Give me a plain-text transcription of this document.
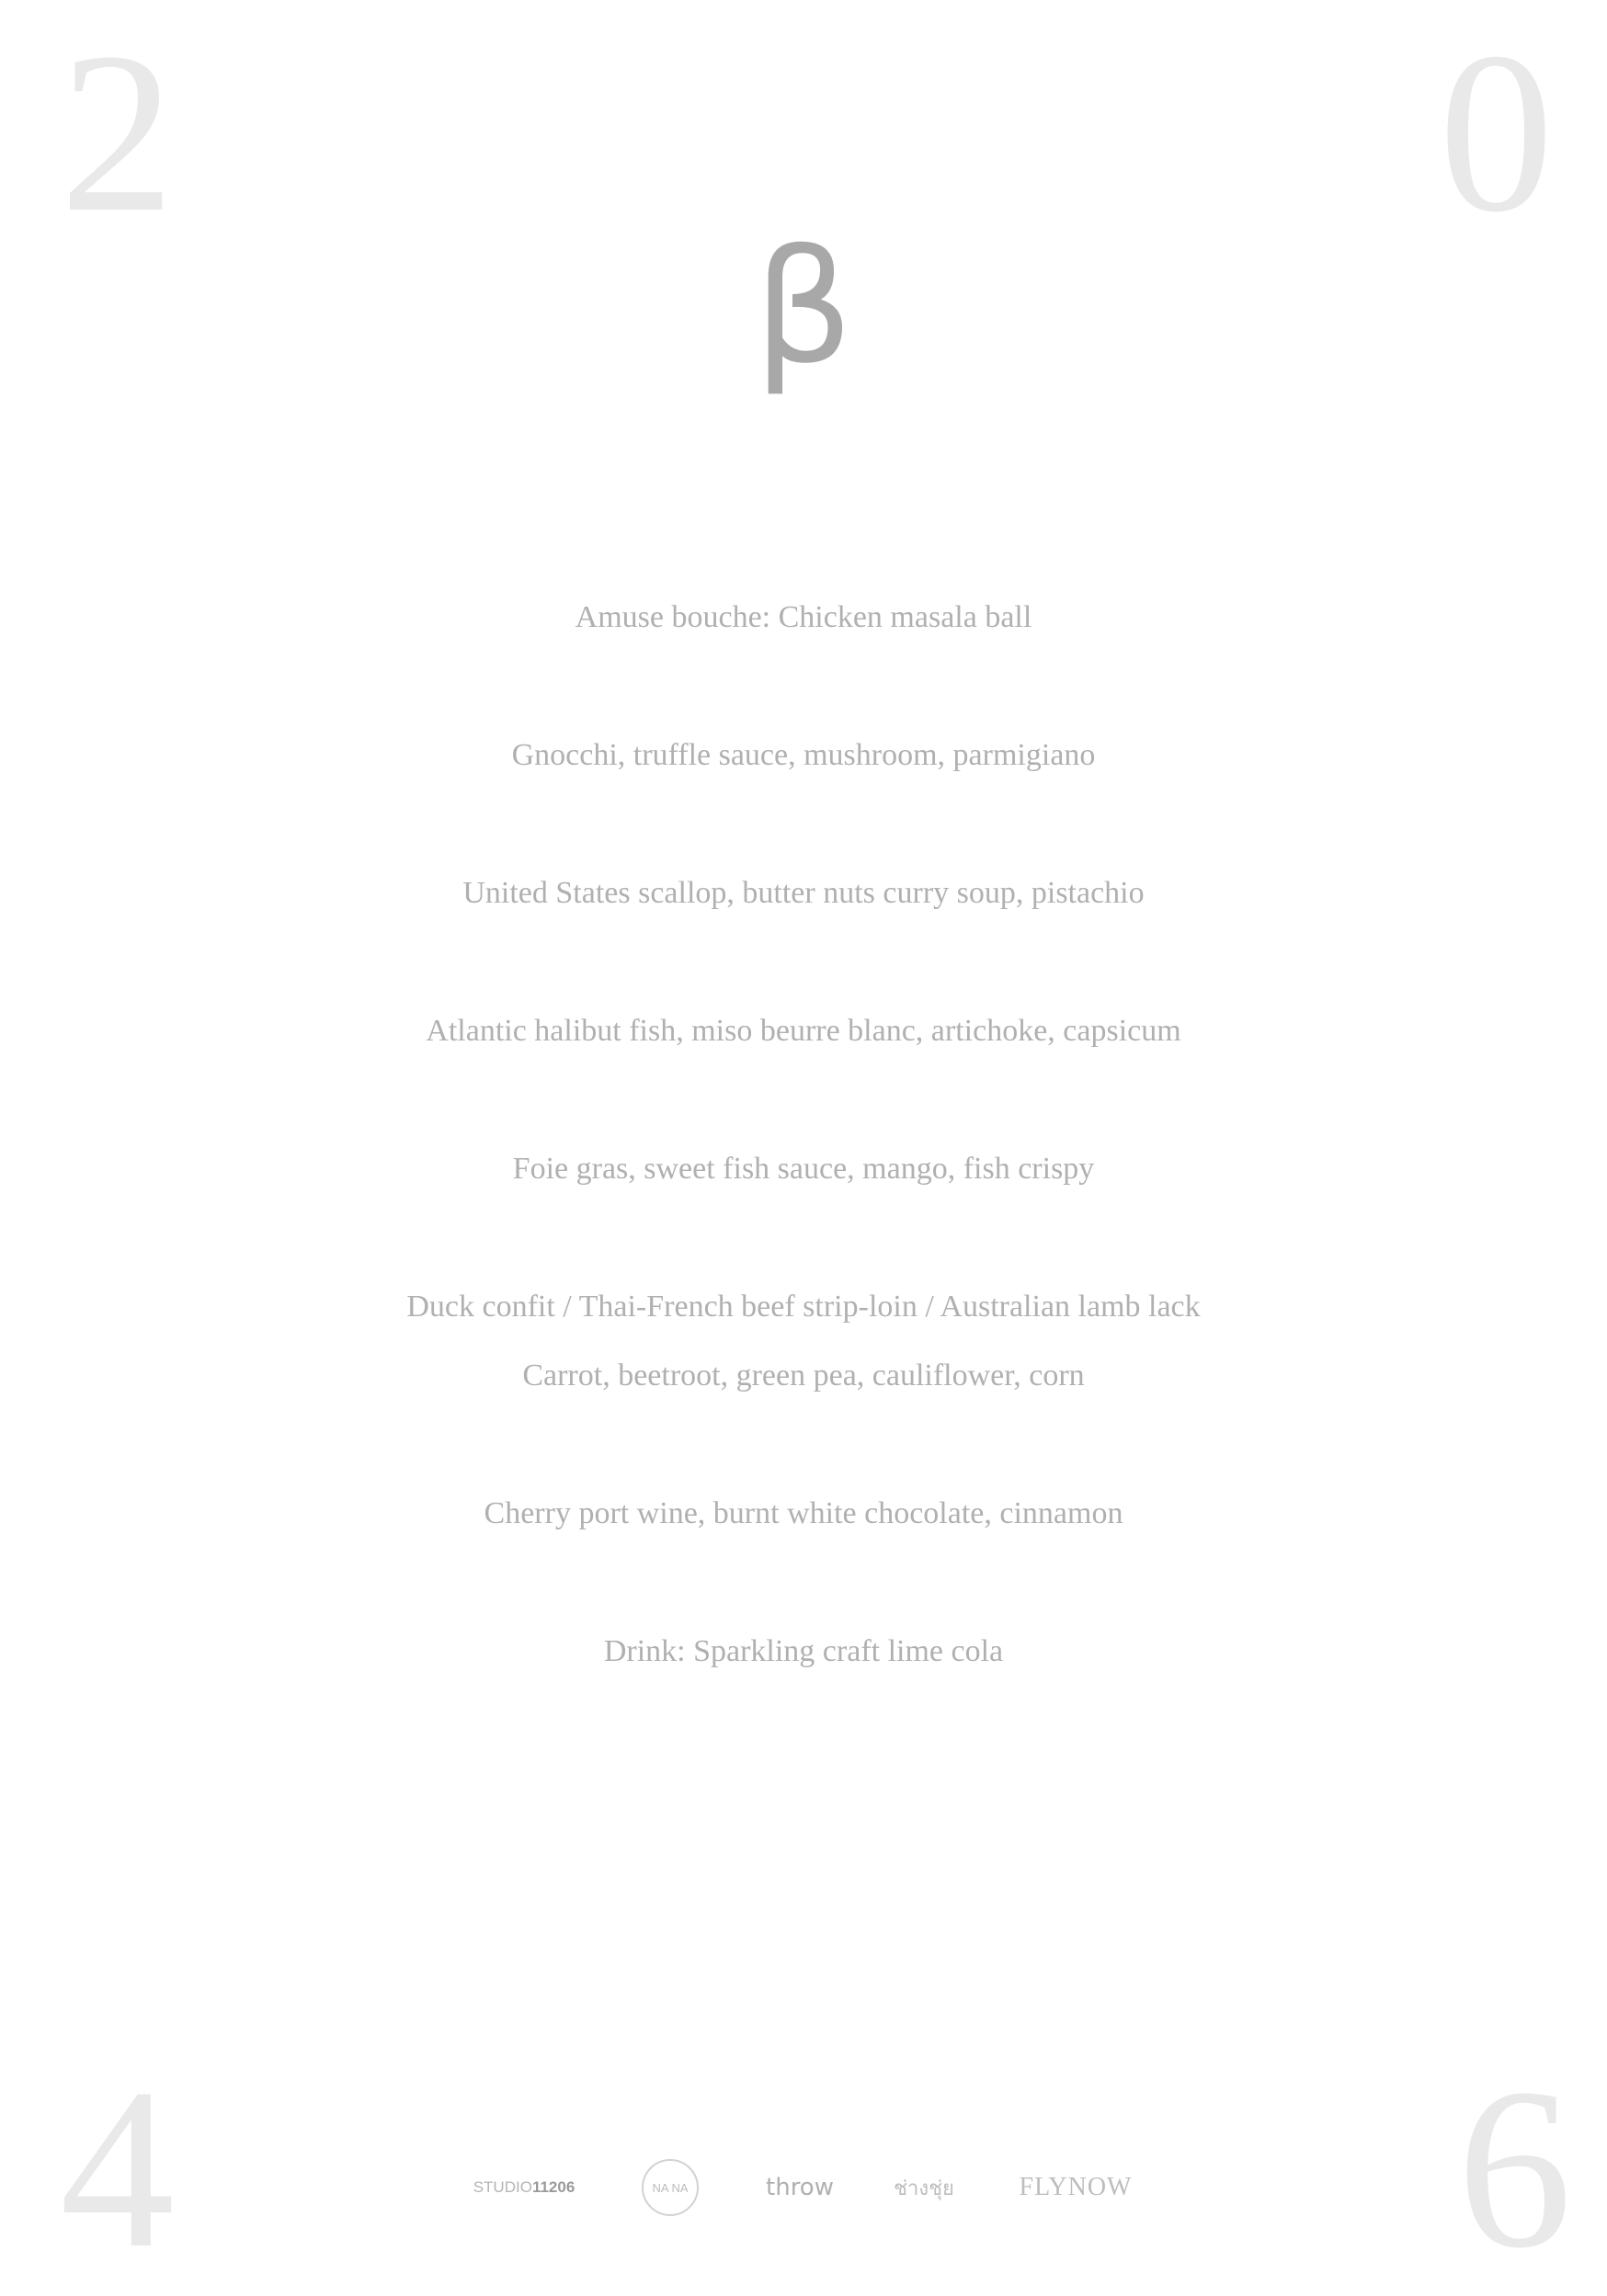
2	0
4	6
β
Amuse bouche: Chicken masala ball
Gnocchi, truffle sauce, mushroom, parmigiano
United States scallop, butter nuts curry soup, pistachio
Atlantic halibut fish, miso beurre blanc, artichoke, capsicum
Foie gras, sweet fish sauce, mango, fish crispy
Duck confit / Thai-French beef strip-loin / Australian lamb lack
Carrot, beetroot, green pea, cauliflower, corn
Cherry port wine, burnt white chocolate, cinnamon
Drink: Sparkling craft lime cola
STUDIO 11206	NA NA	throw	ช่างชุ่ย	FLYNOW
